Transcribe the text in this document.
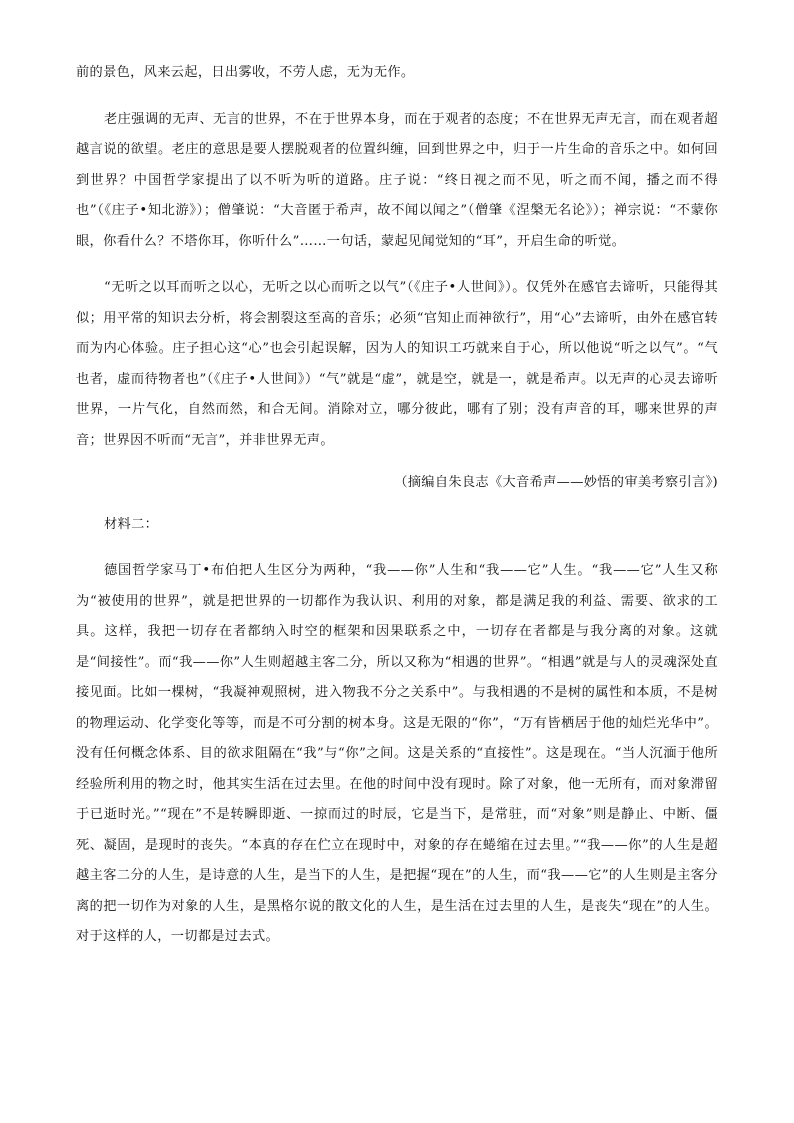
前的景色，风来云起，日出雾收，不劳人虑，无为无作。

老庄强调的无声、无言的世界，不在于世界本身，而在于观者的态度；不在世界无声无言，而在观者超越言说的欲望。老庄的意思是要人摆脱观者的位置纠缠，回到世界之中，归于一片生命的音乐之中。如何回到世界？中国哲学家提出了以不听为听的道路。庄子说：“终日视之而不见，听之而不闻，播之而不得也”（《庄子•知北游》）；僧肇说：“大音匿于希声，故不闻以闻之”（僧肇《涅槃无名论》）；禅宗说：“不蒙你眼，你看什么？不塔你耳，你听什么”……一句话，蒙起见闻觉知的“耳”，开启生命的听觉。

“无听之以耳而听之以心，无听之以心而听之以气”（《庄子•人世间》）。仅凭外在感官去谛听，只能得其似；用平常的知识去分析，将会割裂这至高的音乐；必须“官知止而神欲行”，用“心”去谛听，由外在感官转而为内心体验。庄子担心这“心”也会引起误解，因为人的知识工巧就来自于心，所以他说“听之以气”。“气也者，虚而待物者也”（《庄子•人世间》）“气”就是“虚”，就是空，就是一，就是希声。以无声的心灵去谛听世界，一片气化，自然而然，和合无间。消除对立，哪分彼此，哪有了别；没有声音的耳，哪来世界的声音；世界因不听而“无言”，并非世界无声。

（摘编自朱良志《大音希声——妙悟的审美考察引言》)

材料二：

德国哲学家马丁•布伯把人生区分为两种，“我——你”人生和“我——它”人生。“我——它”人生又称为“被使用的世界”，就是把世界的一切都作为我认识、利用的对象，都是满足我的利益、需要、欲求的工具。这样，我把一切存在者都纳入时空的框架和因果联系之中，一切存在者都是与我分离的对象。这就是“间接性”。而“我——你”人生则超越主客二分，所以又称为“相遇的世界”。“相遇”就是与人的灵魂深处直接见面。比如一棵树，“我凝神观照树，进入物我不分之关系中”。与我相遇的不是树的属性和本质，不是树的物理运动、化学变化等等，而是不可分割的树本身。这是无限的“你”，“万有皆栖居于他的灿烂光华中”。没有任何概念体系、目的欲求阻隔在“我”与“你”之间。这是关系的“直接性”。这是现在。“当人沉湎于他所经验所利用的物之时，他其实生活在过去里。在他的时间中没有现时。除了对象，他一无所有，而对象滞留于已逝时光。”“现在”不是转瞬即逝、一掠而过的时辰，它是当下，是常驻，而“对象”则是静止、中断、僵死、凝固，是现时的丧失。“本真的存在伫立在现时中，对象的存在蜷缩在过去里。”“我——你”的人生是超越主客二分的人生，是诗意的人生，是当下的人生，是把握“现在”的人生，而“我——它”的人生则是主客分离的把一切作为对象的人生，是黑格尔说的散文化的人生，是生活在过去里的人生，是丧失“现在”的人生。对于这样的人，一切都是过去式。
